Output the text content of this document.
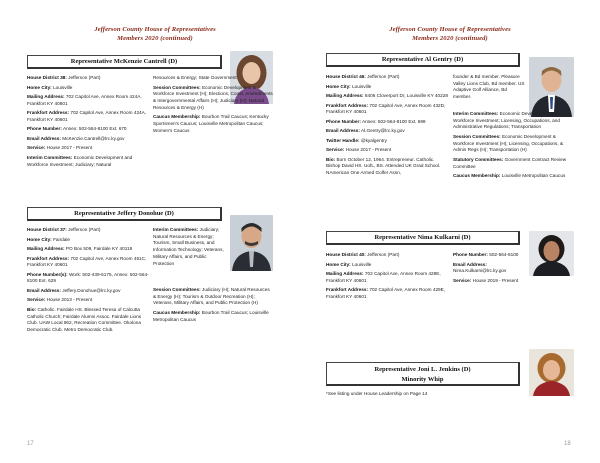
Jefferson County House of Representatives
Members 2020 (continued)
Representative McKenzie Cantrell (D)

House District 38: Jefferson (Part)

Home City: Louisville

Mailing Address: 702 Capitol Ave, Annex Room 424A, Frankfort KY 40601

Frankfort Address: 702 Capitol Ave, Annex Room 424A, Frankfort KY 40601

Phone Number: Annex: 502-564-8100 Ext. 670

Email Address: McKenzie.Cantrell@lrc.ky.gov

Service: House 2017 - Present

Interim Committees: Economic Development and Workforce Investment; Judiciary; Natural

Resources & Energy; State Government

Session Committees: Economic Development & Workforce Investment (H); Elections, Const. Amendments & Intergovernmental Affairs (H); Judiciary (H); Natural Resources & Energy (H)

Caucus Membership: Bourbon Trail Caucus; Kentucky Sportsmen's Caucus; Louisville Metropolitan Caucus; Women's Caucus

Representative Jeffery Donohue (D)

House District 37: Jefferson (Part)

Home City: Fairdale

Mailing Address: PO Box 509, Fairdale KY 40118

Frankfort Address: 702 Capitol Ave, Annex Room 451C, Frankfort KY 40601

Phone Number(s): Work: 502-439-6175, Annex: 502-564-8100 Ext. 629

Email Address: Jeffery.Donohue@lrc.ky.gov

Service: House 2013 - Present

Bio: Catholic. Fairdale HS. Blessed Teresa of Calcutta Catholic Church; Fairdale Alumni Assoc. Fairdale Lions Club. UAW Local 862, Recreation Committee. Okolona Democratic Club. Metro Democratic Club.

Interim Committees: Judiciary; Natural Resources & Energy; Tourism, Small Business, and Information Technology; Veterans, Military Affairs, and Public Protection

Session Committees: Judiciary (H); Natural Resources & Energy (H); Tourism & Outdoor Recreation (H); Veterans, Military Affairs, and Public Protection (H)

Caucus Membership: Bourbon Trail Caucus; Louisville Metropolitan Caucus

17
Jefferson County House of Representatives
Members 2020 (continued)
Representative Al Gentry (D)

House District 46: Jefferson (Part)

Home City: Louisville

Mailing Address: 8406 Cloverport Dr, Louisville KY 40228

Frankfort Address: 702 Capitol Ave, Annex Room 432D, Frankfort KY 40601

Phone Number: Annex: 502-564-8100 Ext. 699

Email Address: Al.Gentry@lrc.ky.gov

Twitter Handle: @kyalgentry

Service: House 2017 - Present

Bio: Born October 12, 1964. Entrepreneur. Catholic. Bishop David HS. UofL, BS. Attended UK Grad School. NAmerican One Armed Golfer Assn,

founder & Bd member. Pleasure Valley Lions Club, Bd member. US Adaptive Golf Alliance, Bd member.

Interim Committees: Economic Development and Workforce Investment; Licensing, Occupations, and Administrative Regulations; Transportation

Session Committees: Economic Development & Workforce Investment (H); Licensing, Occupations, & Admin Regs (H); Transportation (H)

Statutory Committees: Government Contract Review Committee

Caucus Membership: Louisville Metropolitan Caucus

Representative Nima Kulkarni (D)

House District 40: Jefferson (Part)

Home City: Louisville

Mailing Address: 702 Capitol Ave, Annex Room 429E, Frankfort KY 40601

Frankfort Address: 702 Capitol Ave, Annex Room 429E, Frankfort KY 40601

Phone Number: 502-564-8100

Email Address: Nima.Kulkarni@lrc.ky.gov

Service: House 2019 - Present

Representative Joni L. Jenkins (D)
Minority Whip

*See listing under House Leadership on Page 14

18
